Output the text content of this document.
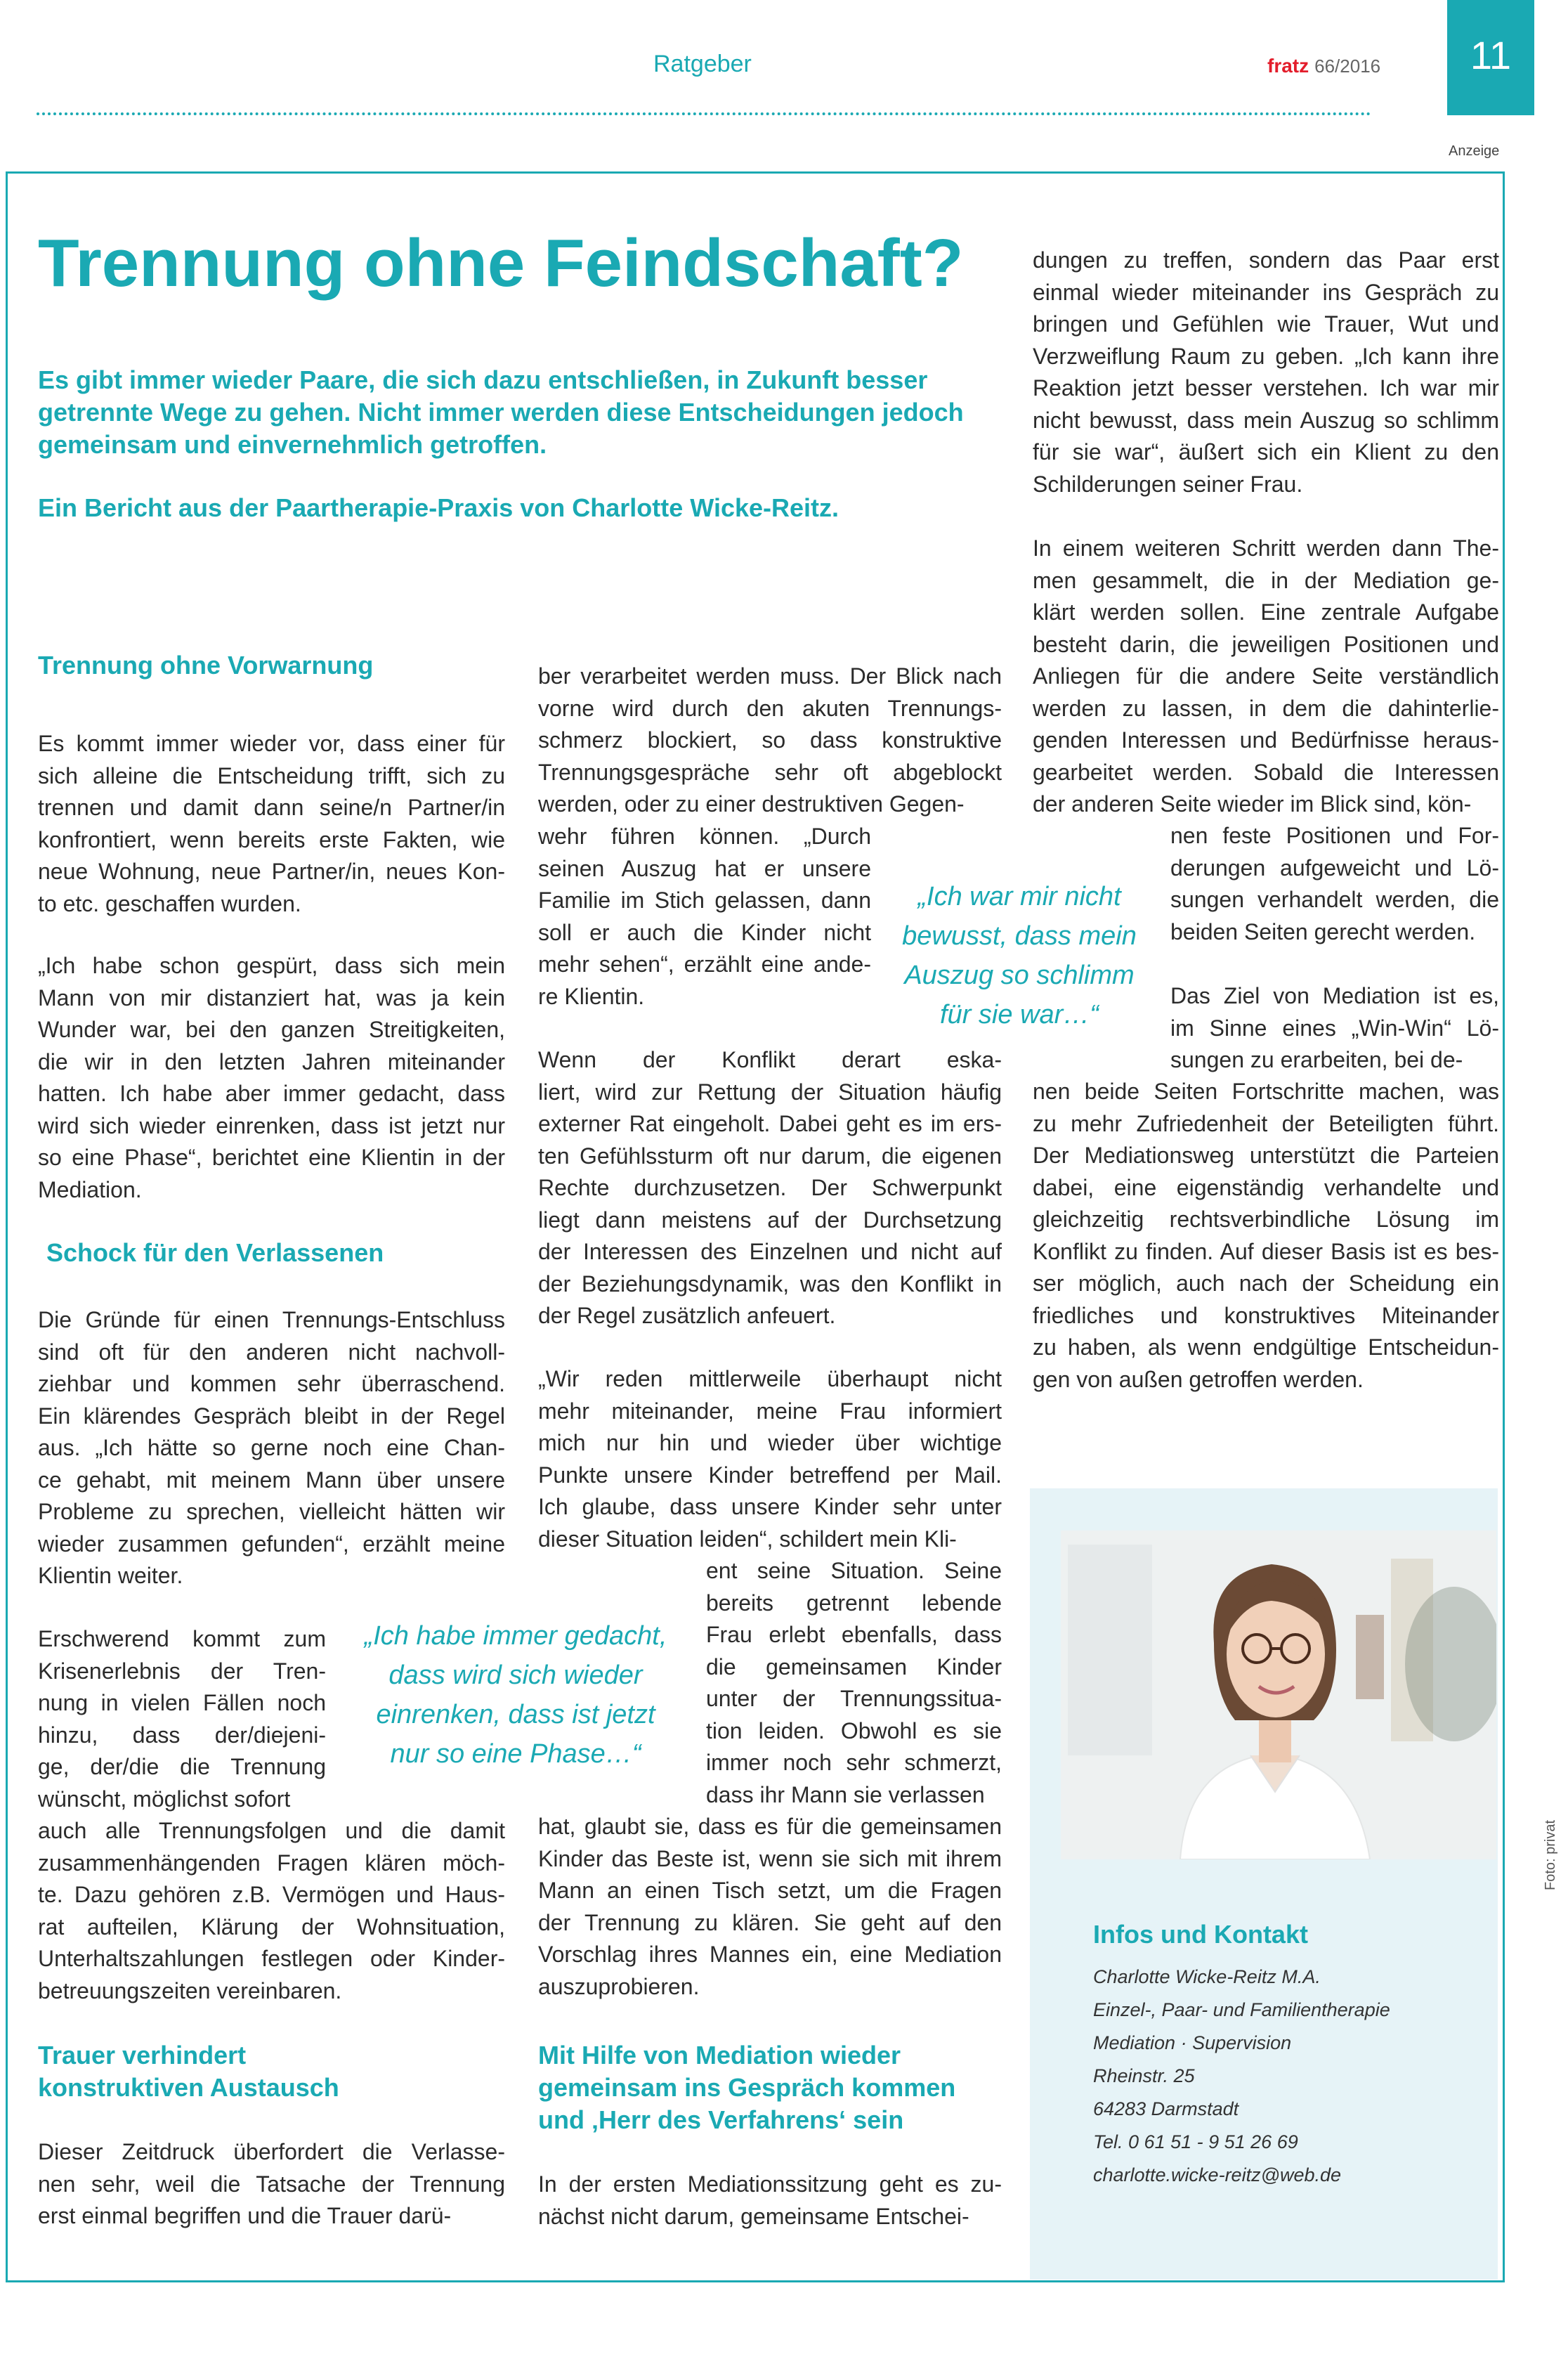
Ratgeber	fratz 66/2016	11
Anzeige
Trennung ohne Feindschaft?
Es gibt immer wieder Paare, die sich dazu entschließen, in Zukunft besser getrennte Wege zu gehen. Nicht immer werden diese Entscheidungen jedoch gemeinsam und einvernehmlich getroffen.
Ein Bericht aus der Paartherapie-Praxis von Charlotte Wicke-Reitz.
Trennung ohne Vorwarnung
Es kommt immer wieder vor, dass einer für
sich alleine die Entscheidung trifft, sich zu
trennen und damit dann seine/n Partner/in
konfrontiert, wenn bereits erste Fakten, wie
neue Wohnung, neue Partner/in, neues Kon-
to etc. geschaffen wurden.
„Ich habe schon gespürt, dass sich mein
Mann von mir distanziert hat, was ja kein
Wunder war, bei den ganzen Streitigkeiten,
die wir in den letzten Jahren miteinander
hatten. Ich habe aber immer gedacht, dass
wird sich wieder einrenken, dass ist jetzt nur
so eine Phase“, berichtet eine Klientin in der
Mediation.
Schock für den Verlassenen
Die Gründe für einen Trennungs-Entschluss
sind oft für den anderen nicht nachvoll-
ziehbar und kommen sehr überraschend.
Ein klärendes Gespräch bleibt in der Regel
aus. „Ich hätte so gerne noch eine Chan-
ce gehabt, mit meinem Mann über unsere
Probleme zu sprechen, vielleicht hätten wir
wieder zusammen gefunden“, erzählt meine
Klientin weiter.
Erschwerend kommt zum
Krisenerlebnis der Tren-
nung in vielen Fällen noch
hinzu, dass der/diejeni-
ge, der/die die Trennung
wünscht, möglichst sofort
auch alle Trennungsfolgen und die damit
zusammenhängenden Fragen klären möch-
te. Dazu gehören z.B. Vermögen und Haus-
rat aufteilen, Klärung der Wohnsituation,
Unterhaltszahlungen festlegen oder Kinder-
betreuungszeiten vereinbaren.
Trauer verhindert
konstruktiven Austausch
Dieser Zeitdruck überfordert die Verlasse-
nen sehr, weil die Tatsache der Trennung
erst einmal begriffen und die Trauer darü-
ber verarbeitet werden muss. Der Blick nach
vorne wird durch den akuten Trennungs-
schmerz blockiert, so dass konstruktive
Trennungsgespräche sehr oft abgeblockt
werden, oder zu einer destruktiven Gegen-
wehr führen können. „Durch
seinen Auszug hat er unsere
Familie im Stich gelassen, dann
soll er auch die Kinder nicht
mehr sehen“, erzählt eine ande-
re Klientin.
Wenn der Konflikt derart eska-
liert, wird zur Rettung der Situation häufig
externer Rat eingeholt. Dabei geht es im ers-
ten Gefühlssturm oft nur darum, die eigenen
Rechte durchzusetzen. Der Schwerpunkt
liegt dann meistens auf der Durchsetzung
der Interessen des Einzelnen und nicht auf
der Beziehungsdynamik, was den Konflikt in
der Regel zusätzlich anfeuert.
„Wir reden mittlerweile überhaupt nicht
mehr miteinander, meine Frau informiert
mich nur hin und wieder über wichtige
Punkte unsere Kinder betreffend per Mail.
Ich glaube, dass unsere Kinder sehr unter
dieser Situation leiden“, schildert mein Kli-
ent seine Situation. Seine
bereits getrennt lebende
Frau erlebt ebenfalls, dass
die gemeinsamen Kinder
unter der Trennungssitua-
tion leiden. Obwohl es sie
immer noch sehr schmerzt,
dass ihr Mann sie verlassen
hat, glaubt sie, dass es für die gemeinsamen
Kinder das Beste ist, wenn sie sich mit ihrem
Mann an einen Tisch setzt, um die Fragen
der Trennung zu klären. Sie geht auf den
Vorschlag ihres Mannes ein, eine Mediation
auszuprobieren.
Mit Hilfe von Mediation wieder
gemeinsam ins Gespräch kommen
und ‚Herr des Verfahrens‘ sein
In der ersten Mediationssitzung geht es zu-
nächst nicht darum, gemeinsame Entschei-
dungen zu treffen, sondern das Paar erst
einmal wieder miteinander ins Gespräch zu
bringen und Gefühlen wie Trauer, Wut und
Verzweiflung Raum zu geben. „Ich kann ihre
Reaktion jetzt besser verstehen. Ich war mir
nicht bewusst, dass mein Auszug so schlimm
für sie war“, äußert sich ein Klient zu den
Schilderungen seiner Frau.
In einem weiteren Schritt werden dann The-
men gesammelt, die in der Mediation ge-
klärt werden sollen. Eine zentrale Aufgabe
besteht darin, die jeweiligen Positionen und
Anliegen für die andere Seite verständlich
werden zu lassen, in dem die dahinterlie-
genden Interessen und Bedürfnisse heraus-
gearbeitet werden. Sobald die Interessen
der anderen Seite wieder im Blick sind, kön-
nen feste Positionen und For-
derungen aufgeweicht und Lö-
sungen verhandelt werden, die
beiden Seiten gerecht werden.
Das Ziel von Mediation ist es,
im Sinne eines „Win-Win“ Lö-
sungen zu erarbeiten, bei de-
nen beide Seiten Fortschritte machen, was
zu mehr Zufriedenheit der Beteiligten führt.
Der Mediationsweg unterstützt die Parteien
dabei, eine eigenständig verhandelte und
gleichzeitig rechtsverbindliche Lösung im
Konflikt zu finden. Auf dieser Basis ist es bes-
ser möglich, auch nach der Scheidung ein
friedliches und konstruktives Miteinander
zu haben, als wenn endgültige Entscheidun-
gen von außen getroffen werden.
„Ich war mir nicht
bewusst, dass mein
Auszug so schlimm
für sie war…“
„Ich habe immer gedacht,
dass wird sich wieder
einrenken, dass ist jetzt
nur so eine Phase…“
Foto: privat
Infos und Kontakt
Charlotte Wicke-Reitz M.A.
Einzel-, Paar- und Familientherapie
Mediation · Supervision
Rheinstr. 25
64283 Darmstadt
Tel. 0 61 51 - 9 51 26 69
charlotte.wicke-reitz@web.de
